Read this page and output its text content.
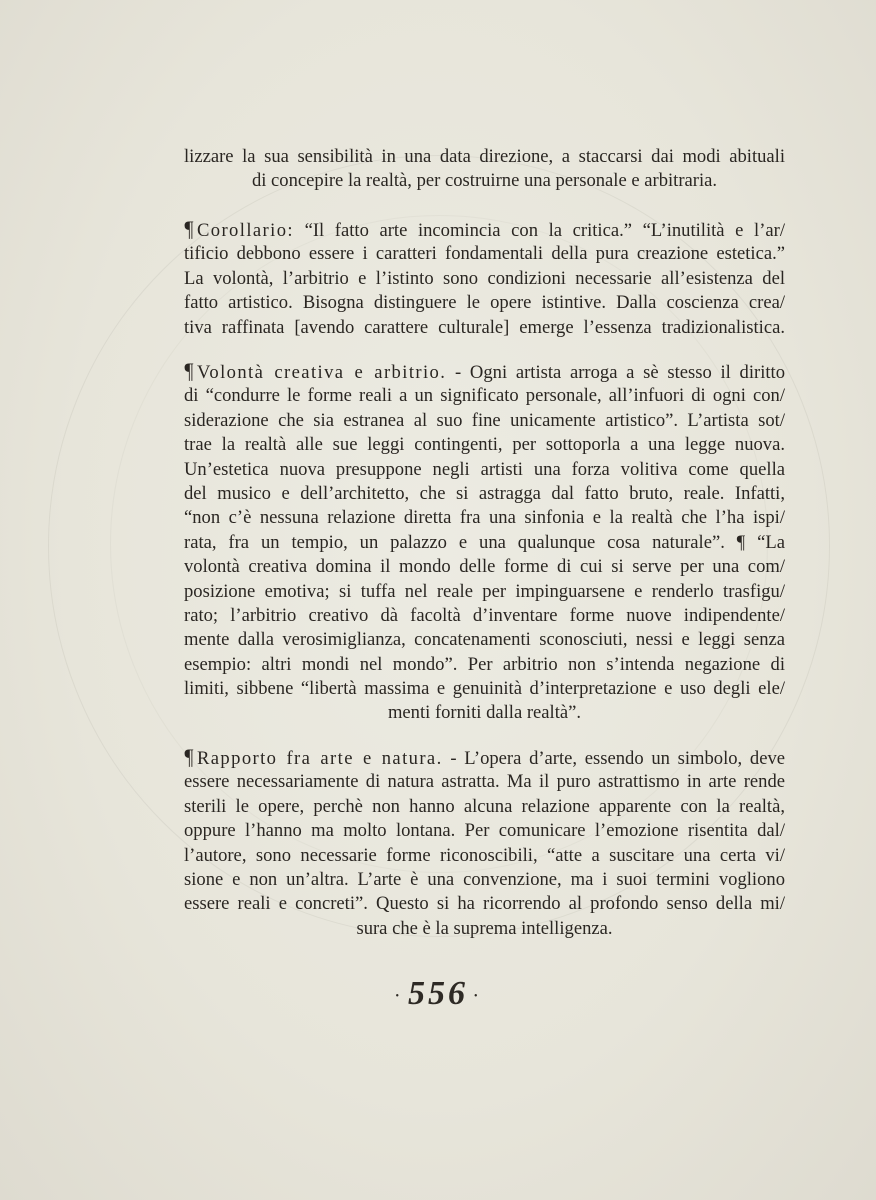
lizzare la sua sensibilità in una data direzione, a staccarsi dai modi abituali
di concepire la realtà, per costruirne una personale e arbitraria.
¶ Corollario: “Il fatto arte incomincia con la critica.” “L’inutilità e l’ar/
tificio debbono essere i caratteri fondamentali della pura creazione estetica.”
La volontà, l’arbitrio e l’istinto sono condizioni necessarie all’esistenza del
fatto artistico. Bisogna distinguere le opere istintive. Dalla coscienza crea/
tiva raffinata [avendo carattere culturale] emerge l’essenza tradizionalistica.
¶ Volontà creativa e arbitrio. - Ogni artista arroga a sè stesso il diritto
di “condurre le forme reali a un significato personale, all’infuori di ogni con/
siderazione che sia estranea al suo fine unicamente artistico”. L’artista sot/
trae la realtà alle sue leggi contingenti, per sottoporla a una legge nuova.
Un’estetica nuova presuppone negli artisti una forza volitiva come quella
del musico e dell’architetto, che si astragga dal fatto bruto, reale. Infatti,
“non c’è nessuna relazione diretta fra una sinfonia e la realtà che l’ha ispi/
rata, fra un tempio, un palazzo e una qualunque cosa naturale”. ¶ “La
volontà creativa domina il mondo delle forme di cui si serve per una com/
posizione emotiva; si tuffa nel reale per impinguarsene e renderlo trasfigu/
rato; l’arbitrio creativo dà facoltà d’inventare forme nuove indipendente/
mente dalla verosimiglianza, concatenamenti sconosciuti, nessi e leggi senza
esempio: altri mondi nel mondo”. Per arbitrio non s’intenda negazione di
limiti, sibbene “libertà massima e genuinità d’interpretazione e uso degli ele/
menti forniti dalla realtà”.
¶ Rapporto fra arte e natura. - L’opera d’arte, essendo un simbolo, deve
essere necessariamente di natura astratta. Ma il puro astrattismo in arte rende
sterili le opere, perchè non hanno alcuna relazione apparente con la realtà,
oppure l’hanno ma molto lontana. Per comunicare l’emozione risentita dal/
l’autore, sono necessarie forme riconoscibili, “atte a suscitare una certa vi/
sione e non un’altra. L’arte è una convenzione, ma i suoi termini vogliono
essere reali e concreti”. Questo si ha ricorrendo al profondo senso della mi/
sura che è la suprema intelligenza.
• 556 •
